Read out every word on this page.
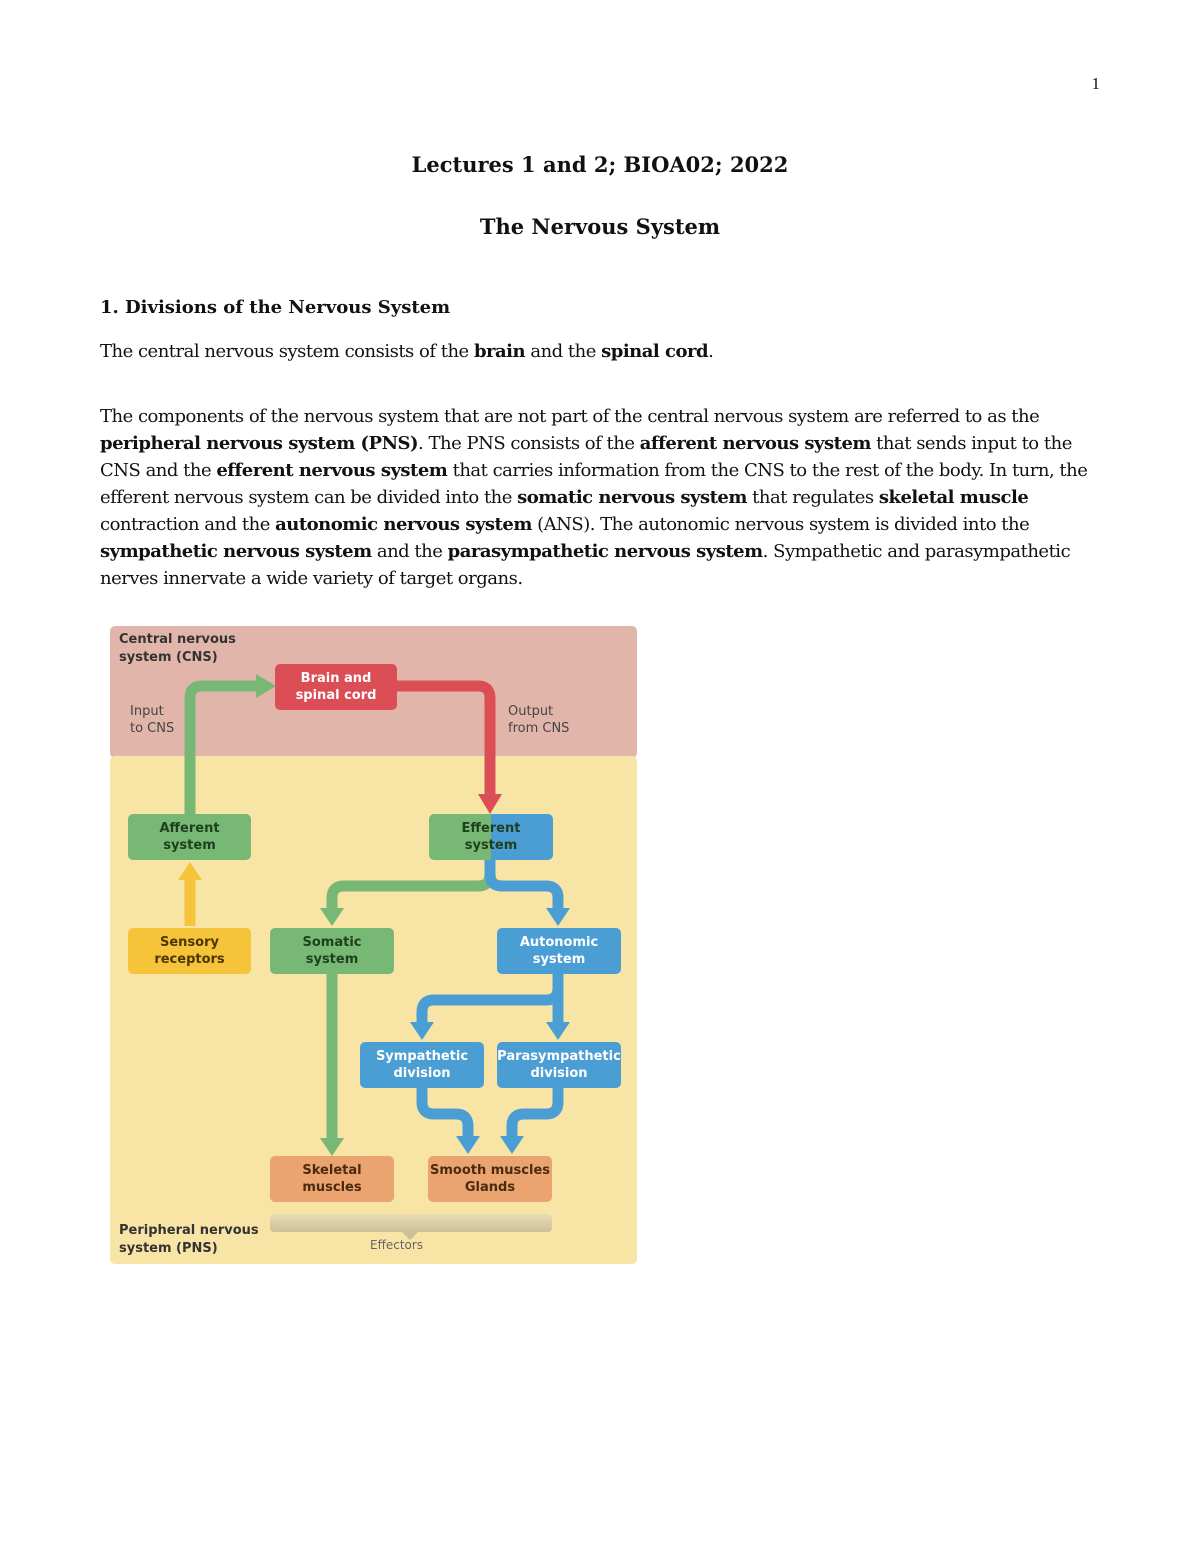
1
Lectures 1 and 2; BIOA02; 2022
The Nervous System
1. Divisions of the Nervous System

The central nervous system consists of the brain and the spinal cord.

The components of the nervous system that are not part of the central nervous system are referred to as the peripheral nervous system (PNS). The PNS consists of the afferent nervous system that sends input to the CNS and the efferent nervous system that carries information from the CNS to the rest of the body. In turn, the efferent nervous system can be divided into the somatic nervous system that regulates skeletal muscle contraction and the autonomic nervous system (ANS). The autonomic nervous system is divided into the sympathetic nervous system and the parasympathetic nervous system. Sympathetic and parasympathetic nerves innervate a wide variety of target organs.

Central nervous
system (CNS)
Peripheral nervous
system (PNS)
Input
to CNS
Output
from CNS
Effectors
Brain and
spinal cord
Afferent
system
Efferent
system
Sensory
receptors
Somatic
system
Autonomic
system
Sympathetic
division
Parasympathetic
division
Skeletal
muscles
Smooth muscles
Glands
